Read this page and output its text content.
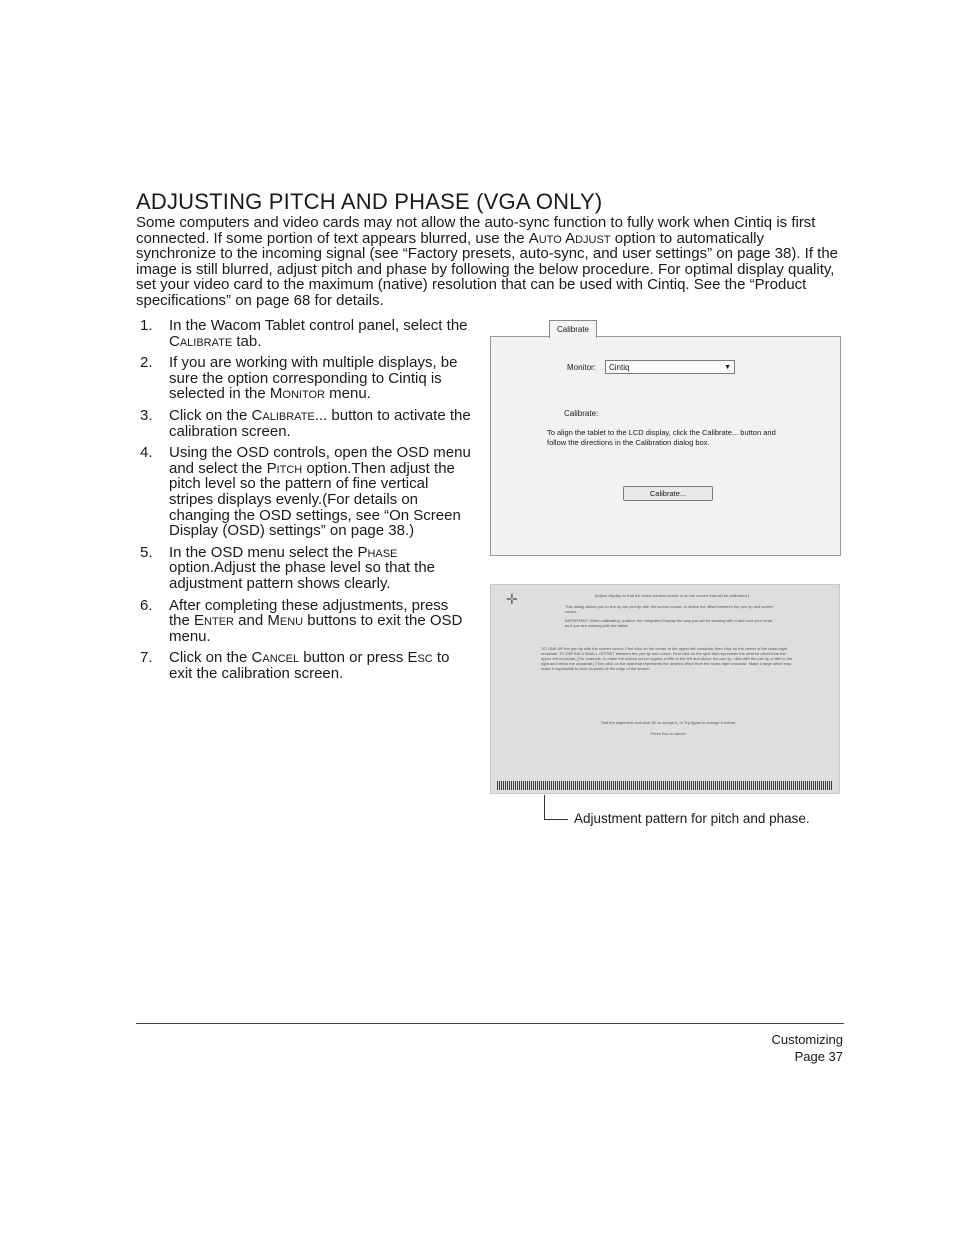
ADJUSTING PITCH AND PHASE (VGA ONLY)

Some computers and video cards may not allow the auto-sync function to fully work when Cintiq is first connected. If some portion of text appears blurred, use the Auto Adjust option to automatically synchronize to the incoming signal (see “Factory presets, auto-sync, and user settings” on page 38). If the image is still blurred, adjust pitch and phase by following the below procedure. For optimal display quality, set your video card to the maximum (native) resolution that can be used with Cintiq. See the “Product specifications” on page 68 for details.

1. In the Wacom Tablet control panel, select the Calibrate tab.
2. If you are working with multiple displays, be sure the option corresponding to Cintiq is selected in the Monitor menu.
3. Click on the Calibrate... button to activate the calibration screen.
4. Using the OSD controls, open the OSD menu and select the Pitch option.Then adjust the pitch level so the pattern of fine vertical stripes displays evenly.(For details on changing the OSD settings, see “On Screen Display (OSD) settings” on page 38.)
5. In the OSD menu select the Phase option.Adjust the phase level so that the adjustment pattern shows clearly.
6. After completing these adjustments, press the Enter and Menu buttons to exit the OSD menu.
7. Click on the Cancel button or press Esc to exit the calibration screen.
Calibrate
Monitor:	Cintiq	▼
Calibrate:
To align the tablet to the LCD display, click the Calibrate... button and follow the directions in the Calibration dialog box.
Calibrate...
✛	[Adjust display so that the entire window border is on the screen that will be calibrated.]
This dialog allows you to line up the pen tip with the screen cursor, or define the offset between the pen tip and screen cursor.
IMPORTANT: When calibrating, position the Integrated Display the way you will be working with it and hold your head as if you are working with the tablet.
TO LINE UP the pen tip with the screen cursor: First click on the center of the upper-left crosshair, then click on the center of the lower-right crosshair. TO DEFINE A SMALL OFFSET between the pen tip and cursor: First click on the spot that represents the desired offset from the upper-left crosshair. (For example, to make the screen cursor appear a little to the left and above the pen tip, click with the pen tip a little to the right and below the crosshair.) Then click on the spot that represents the desired offset from the lower-right crosshair. Make a large offset may make it impossible to click on pixels at the edge of the screen.
Test the alignment and click OK to accept it, or Try Again to change it further.
Press Esc to cancel.
Adjustment pattern for pitch and phase.
Customizing
Page 37
